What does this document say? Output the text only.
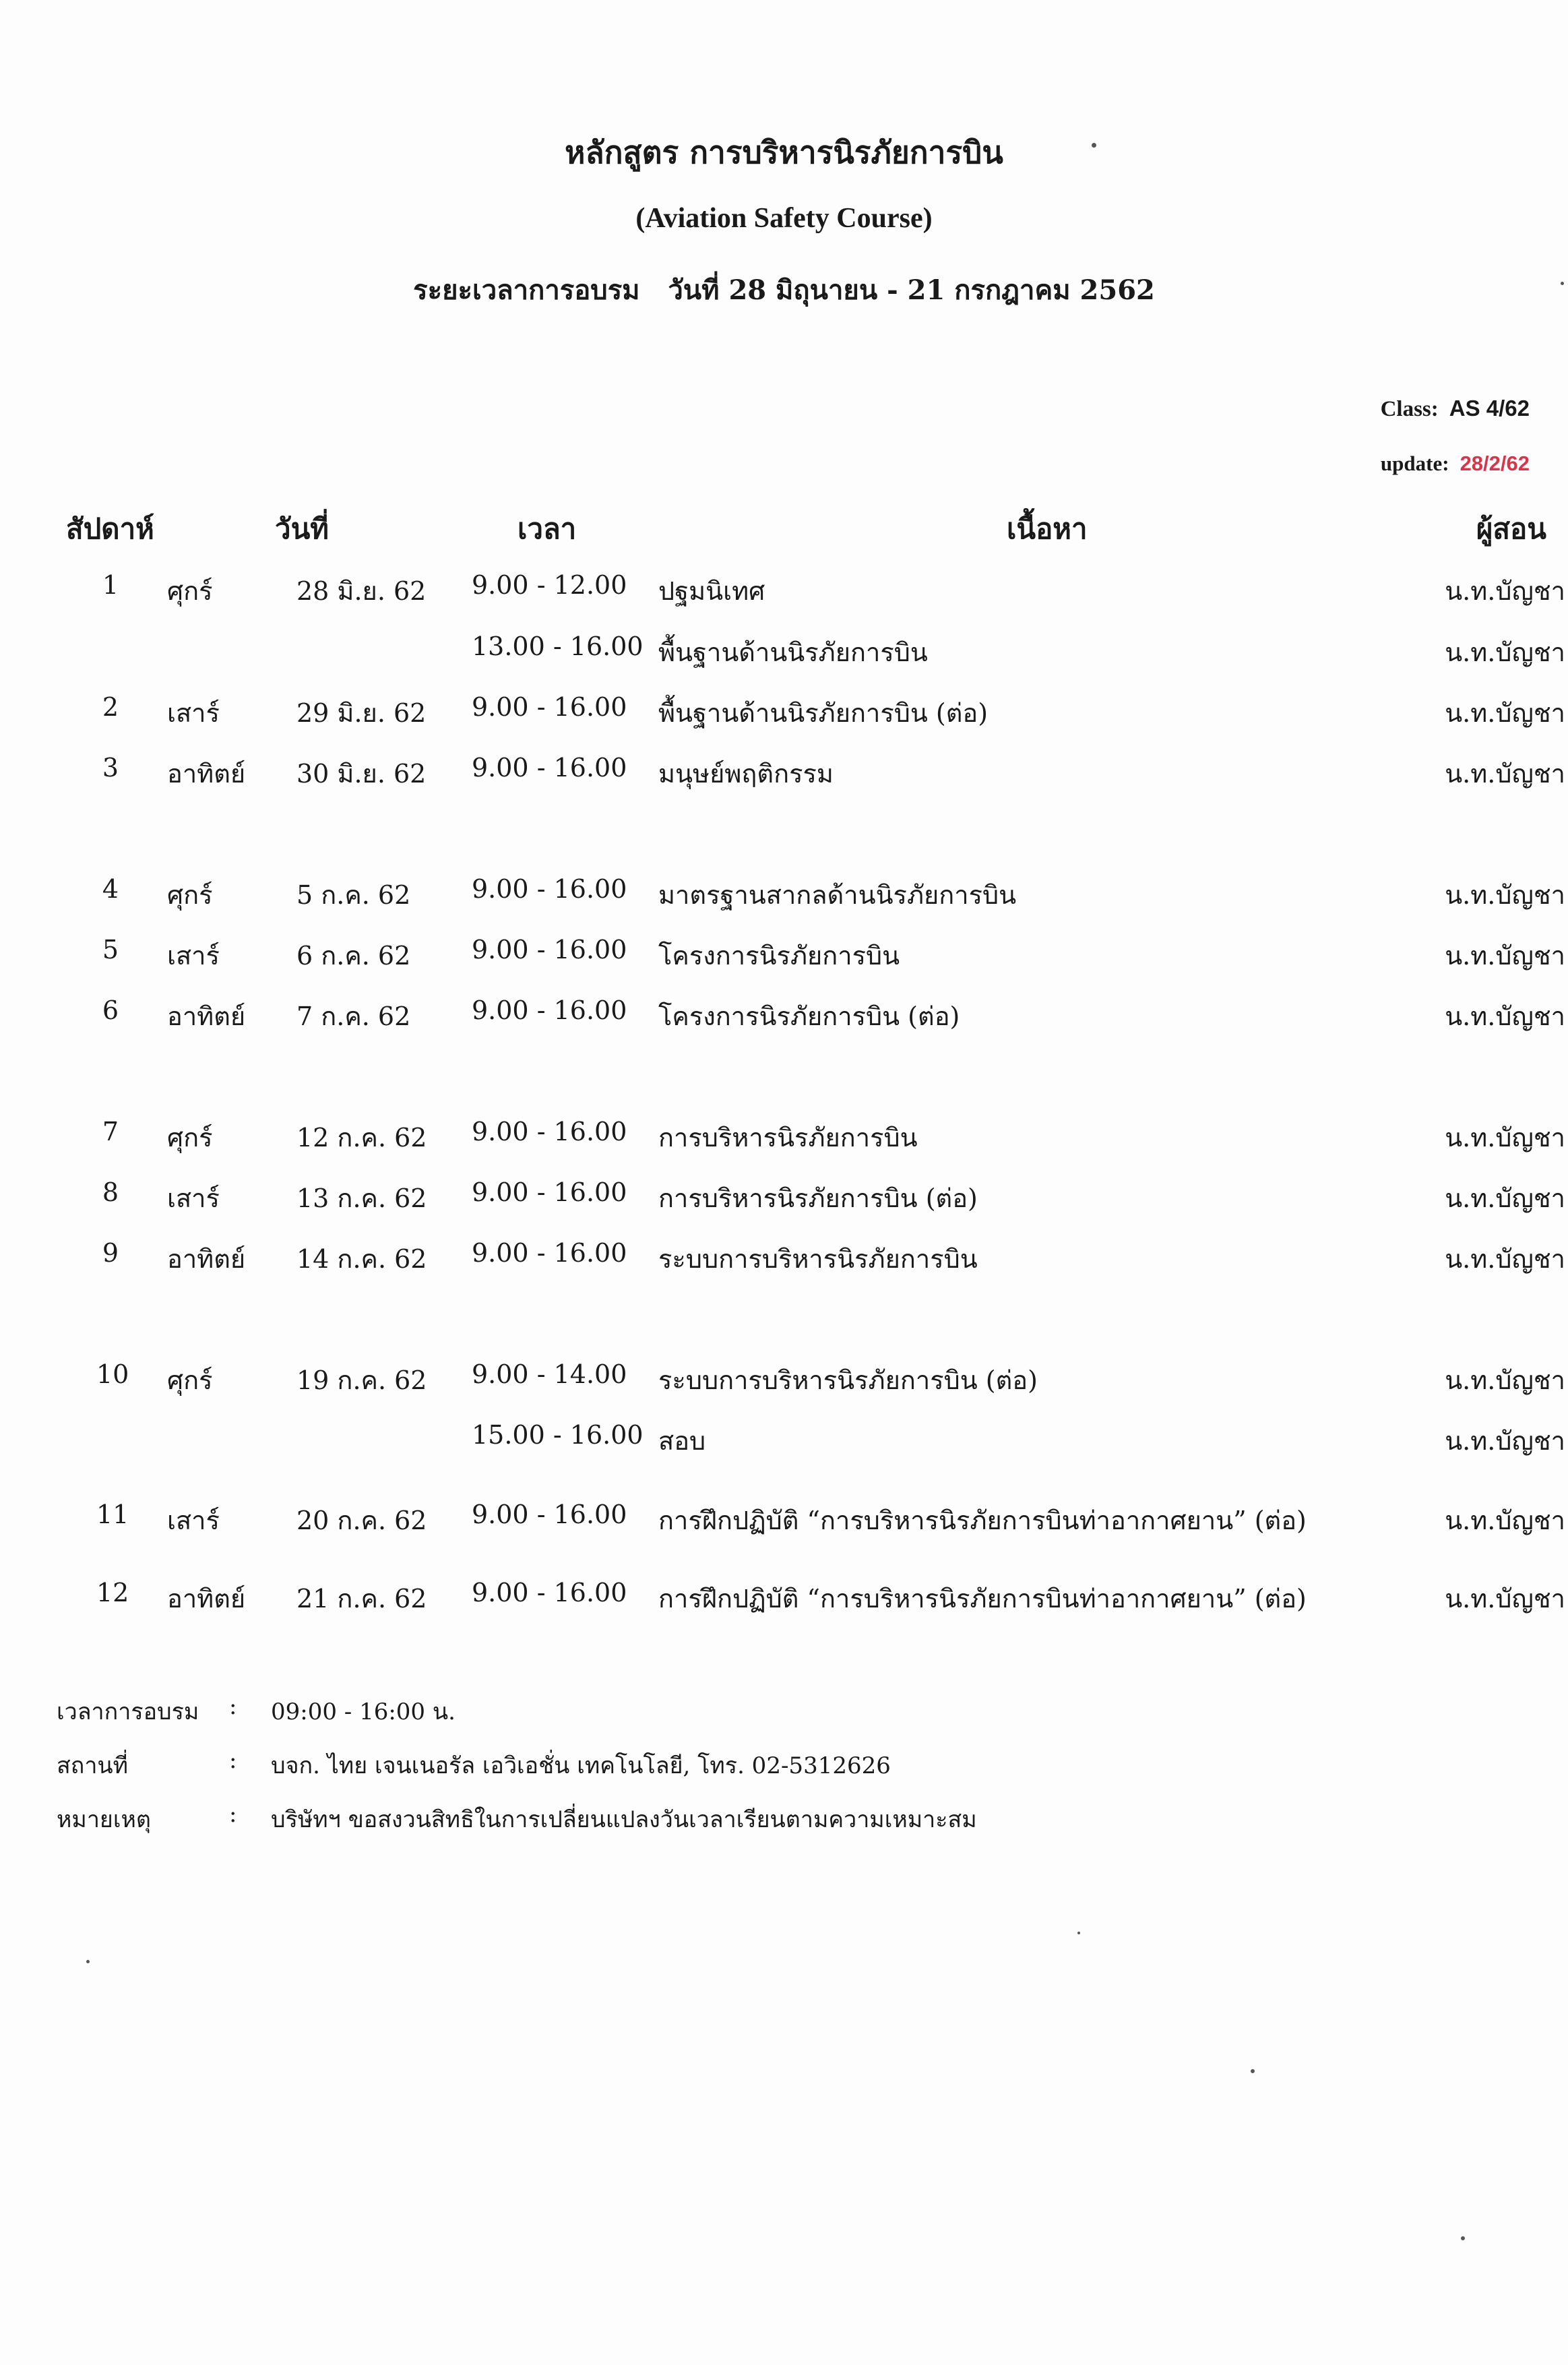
หลักสูตร การบริหารนิรภัยการบิน
(Aviation Safety Course)
ระยะเวลาการอบรม วันที่ 28 มิถุนายน - 21 กรกฎาคม 2562
Class: AS 4/62
update: 28/2/62
สัปดาห์	วันที่	เวลา	เนื้อหา	ผู้สอน
1 ศุกร์	28 มิ.ย. 62 9.00 - 12.00 ปฐมนิเทศ	น.ท.บัญชา
13.00 - 16.00 พื้นฐานด้านนิรภัยการบิน	น.ท.บัญชา
2 เสาร์	29 มิ.ย. 62 9.00 - 16.00 พื้นฐานด้านนิรภัยการบิน (ต่อ)	น.ท.บัญชา
3 อาทิตย์ 30 มิ.ย. 62 9.00 - 16.00 มนุษย์พฤติกรรม	น.ท.บัญชา
4 ศุกร์	5 ก.ค. 62 9.00 - 16.00 มาตรฐานสากลด้านนิรภัยการบิน	น.ท.บัญชา
5 เสาร์	6 ก.ค. 62 9.00 - 16.00 โครงการนิรภัยการบิน	น.ท.บัญชา
6 อาทิตย์ 7 ก.ค. 62 9.00 - 16.00 โครงการนิรภัยการบิน (ต่อ)	น.ท.บัญชา
7 ศุกร์	12 ก.ค. 62 9.00 - 16.00 การบริหารนิรภัยการบิน	น.ท.บัญชา
8 เสาร์	13 ก.ค. 62 9.00 - 16.00 การบริหารนิรภัยการบิน (ต่อ)	น.ท.บัญชา
9 อาทิตย์ 14 ก.ค. 62 9.00 - 16.00 ระบบการบริหารนิรภัยการบิน	น.ท.บัญชา
10 ศุกร์	19 ก.ค. 62 9.00 - 14.00 ระบบการบริหารนิรภัยการบิน (ต่อ)	น.ท.บัญชา
15.00 - 16.00 สอบ	น.ท.บัญชา
11 เสาร์	20 ก.ค. 62 9.00 - 16.00 การฝึกปฏิบัติ “การบริหารนิรภัยการบินท่าอากาศยาน” (ต่อ)	น.ท.บัญชา
12 อาทิตย์ 21 ก.ค. 62 9.00 - 16.00 การฝึกปฏิบัติ “การบริหารนิรภัยการบินท่าอากาศยาน” (ต่อ)	น.ท.บัญชา
เวลาการอบรม : 09:00 - 16:00 น.
สถานที่	: บจก. ไทย เจนเนอรัล เอวิเอชั่น เทคโนโลยี, โทร. 02-5312626
หมายเหตุ	: บริษัทฯ ขอสงวนสิทธิในการเปลี่ยนแปลงวันเวลาเรียนตามความเหมาะสม
